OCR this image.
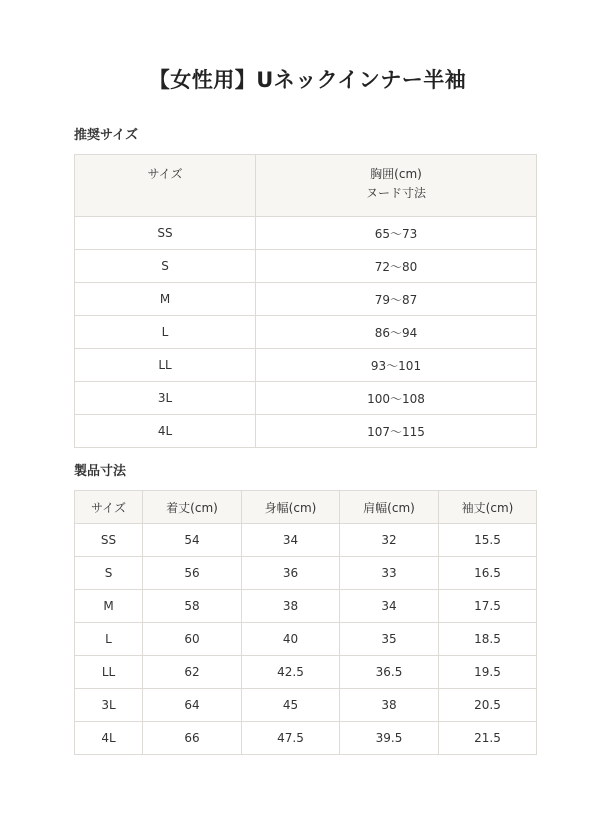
【女性用】Uネックインナー半袖
推奨サイズ
サイズ	胸囲(cm)
ヌード寸法

SS	65～73
S	72～80
M	79～87
L	86～94
LL	93～101
3L	100～108
4L	107～115
製品寸法
サイズ	着丈(cm)	身幅(cm)	肩幅(cm)	袖丈(cm)
SS	54	34	32	15.5
S	56	36	33	16.5
M	58	38	34	17.5
L	60	40	35	18.5
LL	62	42.5	36.5	19.5
3L	64	45	38	20.5
4L	66	47.5	39.5	21.5
